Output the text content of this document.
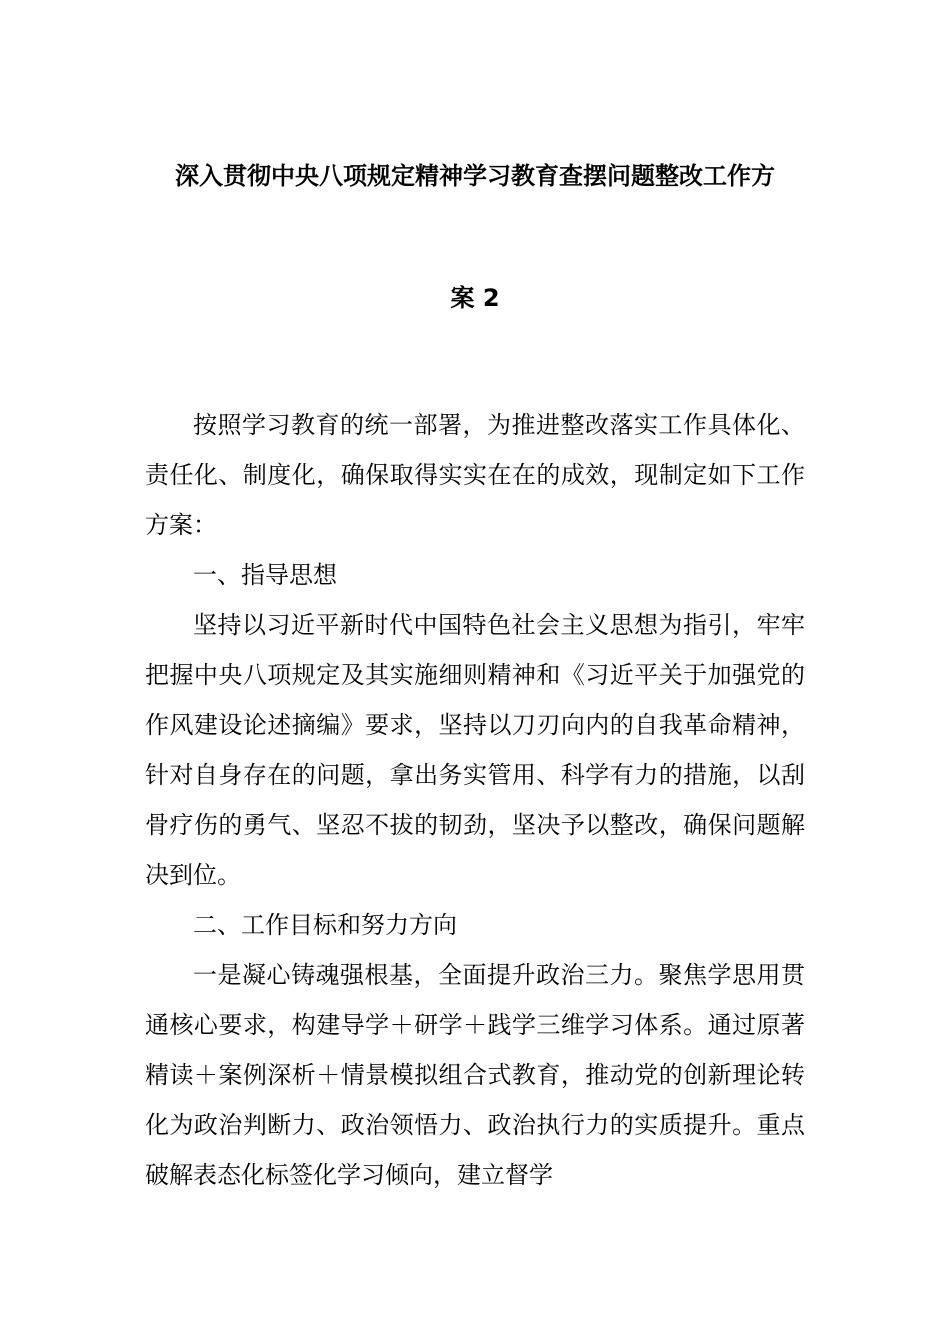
深入贯彻中央八项规定精神学习教育查摆问题整改工作方
案 2

按照学习教育的统一部署，为推进整改落实工作具体化、责任化、制度化，确保取得实实在在的成效，现制定如下工作方案：

一、指导思想

坚持以习近平新时代中国特色社会主义思想为指引，牢牢把握中央八项规定及其实施细则精神和《习近平关于加强党的作风建设论述摘编》要求，坚持以刀刃向内的自我革命精神，针对自身存在的问题，拿出务实管用、科学有力的措施，以刮骨疗伤的勇气、坚忍不拔的韧劲，坚决予以整改，确保问题解决到位。

二、工作目标和努力方向

一是凝心铸魂强根基，全面提升政治三力。聚焦学思用贯通核心要求，构建导学＋研学＋践学三维学习体系。通过原著精读＋案例深析＋情景模拟组合式教育，推动党的创新理论转化为政治判断力、政治领悟力、政治执行力的实质提升。重点破解表态化标签化学习倾向，建立督学
